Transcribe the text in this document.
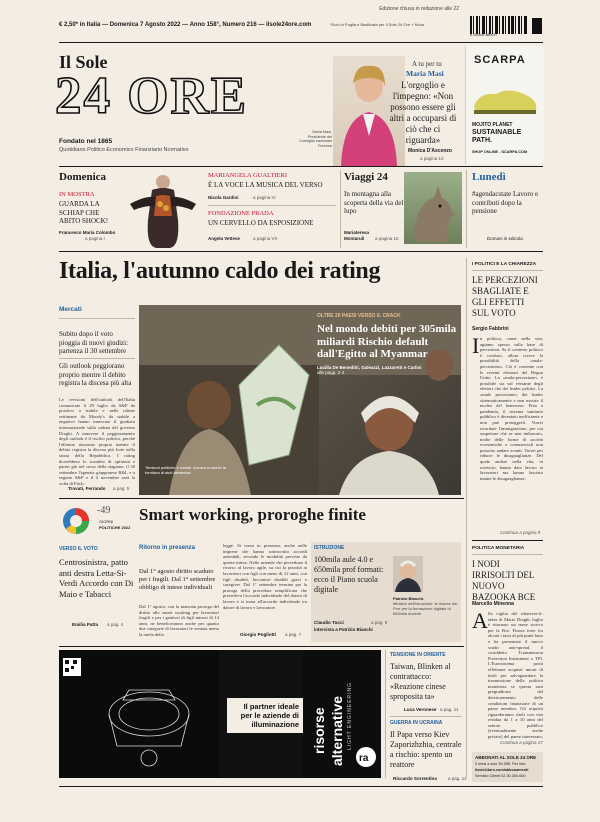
Edizione chiusa in redazione alle 22
€ 2,50* in Italia — Domenica 7 Agosto 2022 — Anno 158°, Numero 216 — ilsole24ore.com	*Solo in Puglia e Basilicata per Il Sole 24 Ore + Nòva
8 032842 680037
Il Sole
24 ORE
Fondato nel 1865
Quotidiano Politico Economico Finanziario Normativo
A tu per tu
Maria Masi
L'orgoglio e l'impegno: «Non possono essere gli altri a occuparsi di ciò che ci riguarda»
Maria Masi, Presidente del Consiglio nazionale Forense
Monica D'Ascenzo
a pagina 13
SCARPA
MOJITO PLANET
SUSTAINABLE PATH.
SHOP ONLINE - SCARPA.COM
Domenica
IN MOSTRA
GUARDA LA SCHIAP CHE ABITO SHOCK!
Francesco Maria Colombo
a pagina I
MARIANGELA GUALTIERI
È LA VOCE LA MUSICA DEL VERSO
Nicola Gardini	a pagina IV
FONDAZIONE PRADA
UN CERVELLO DA ESPOSIZIONE
Angela Vettese	a pagina VII
Viaggi 24
In montagna alla scoperta della via del lupo
Mariateresa Montaruli	a pagina 15
Lunedì
#agendacstate Lavoro e contributi dopo la pensione
Domani in edicola
Italia, l'autunno caldo dei rating
Mercati
Subito dopo il voto pioggia di nuovi giudizi: partenza il 30 settembre
Gli outlook peggiorano proprio mentre il debito registra la discesa più alta
Le revisioni dell'outlook dell'Italia comunicate il 29 luglio da S&P da positivo a stabile e nelle ultime settimane da Moody's da stabile a negativo hanno innescato il giudizio internazionale sulla caduta del governo Draghi. A muovere il peggioramento degli outlook è il rischio politico, perché l'allarme riassume proprio mentre il debito registra la discesa più forte nella storia della Repubblica. I rating dovrebbero lo scambio di opinioni e pareri già nel corso della stagione, il 30 settembre l'agenzia giapponese R&I, e a seguire S&P e il 4 novembre sarà la volta di Fitch.
Trovati, Ferrando a pag. 5
OLTRE 20 PAESI VERSO IL CRACK
Nel mondo debiti per 305mila miliardi Rischio default dall'Egitto al Myanmar
Lucilla De Beneditti, Galeazzi, Lazzaretti e Carlini
alle pagg. 2-3
Tensioni politiche e sociali. Ancora a rischio la fornitura di aiuti alimentari
-49
GIORNI
POLITICHE 2022
VERSO IL VOTO
Centrosinistra, patto anti destra Letta-Si-Verdi Accordo con Di Maio e Tabacci
Emilia Patta a pag. 4
Smart working, proroghe finite
Ritorno in presenza
Dal 1° agosto diritto scaduto per i fragili. Dal 1° settembre obbligo di intese individuali
Dal 1° agosto, con la mancata proroga del diritto allo smart working per lavoratori fragili e per i genitori di figli minori di 14 anni, ne beneficeranno anche per quanto due categorie di lavoratori le ventata meno la tutela della
legge. Si torna in presenza, anche nelle imprese che hanno sottoscritto accordi aziendali, secondo le modalità previste da queste intese. Nelle aziende che prevedono il ricorso al lavoro agile, su cui la priorità ai lavoratori con figli con meno di 12 anni, con figli disabili, lavoratori disabili gravi o caregiver. Dal 1° settembre termina poi la proroga della procedura semplificata che prevedeva l'accordo individuale del datore di lavoro e si torna all'accordo individuale tra datore di lavoro e lavoratore.
Giorgio Pogliotti a pag. 7
ISTRUZIONE
100mila aule 4.0 e 650mila prof formati: ecco il Piano scuola digitale
Claudio Tucci
intervista a Patrizio Bianchi
a pag. 9
Patrizio Bianchi.
Ministro dell'Istruzione: le risorse del Pnrr per la formazione digitale di 650mila docenti
Il partner ideale per le aziende di illuminazione risorse alternative LIGHT ENGINEERING
ra
I POLITICI E LA CHIAREZZA
LE PERCEZIONI SBAGLIATE E GLI EFFETTI SUL VOTO
Sergio Fabbrini
I n politica, come nella vita, agiamo spesso sulla base di percezioni. Se il contesto politico è confuso, allora cresce la possibilità della «mala-percezione». Ciò è coerente con le recenti elezioni del Regno Unito. La «mala-percezione» è possibile sia sul versante degli elettori che dei leader politici. La «male percezione» dei leader sistematicamente e non mostra il nucleo del benessere. Fino a pandemia, il sistema sanitario pubblico è diventato inefficiente e non può proteggerli. Vorrei ricordare l'immigrazione, per cui sospettare che se non imbarcato, molte delle forme di società economiche e commerciali non possono andare avanti. Vorrei per ridurre le disuguaglianze. Del quale andare nella vita, in rovescio, hanno dato lavoro ai lavoratori ma hanno lasciato intatte le disuguaglianze.
Continua a pagina 9
POLITICA MONETARIA
I NODI IRRISOLTI DEL NUOVO BAZOOKA BCE
Marcello Minenna
A lla vigilia del whatever-it-takes di Mario Draghi, luglio è ritornato un mese storico per la Bce. Finora forte fra alcuni i tassi di più punti base e ha presentato il nuovo scudo anti-spread, il cosiddetto Transmission Protection Instrument o TPI. L'Eurosistema potrà effettuare acquisti mirati di titoli per salvaguardare la trasmissione della politica monetaria se questa sarà pregiudicata dal deterioramento delle condizioni finanziarie di un paese membro. Gli acquisti riguarderanno titoli con vita residua da 1 a 10 anni del settore pubblico (eventualmente anche privato) del paese interessato,
Continua a pagina 17
TENSIONE IN ORIENTE
Taiwan, Blinken al contrattacco: «Reazione cinese sproposita ta»
Luca Veronese a pag. 11
GUERRA IN UCRAINA
Il Papa verso Kiev Zaporizhzhia, centrale a rischio: spento un reattore
Riccardo Sorrentino a pag. 11
ABBONATI AL SOLE 24 ORE
2 mesi a solo 39,90€. Per info:
ilsole24ore.com/abbonamenti
Servizio Clienti 02.30.300.600
